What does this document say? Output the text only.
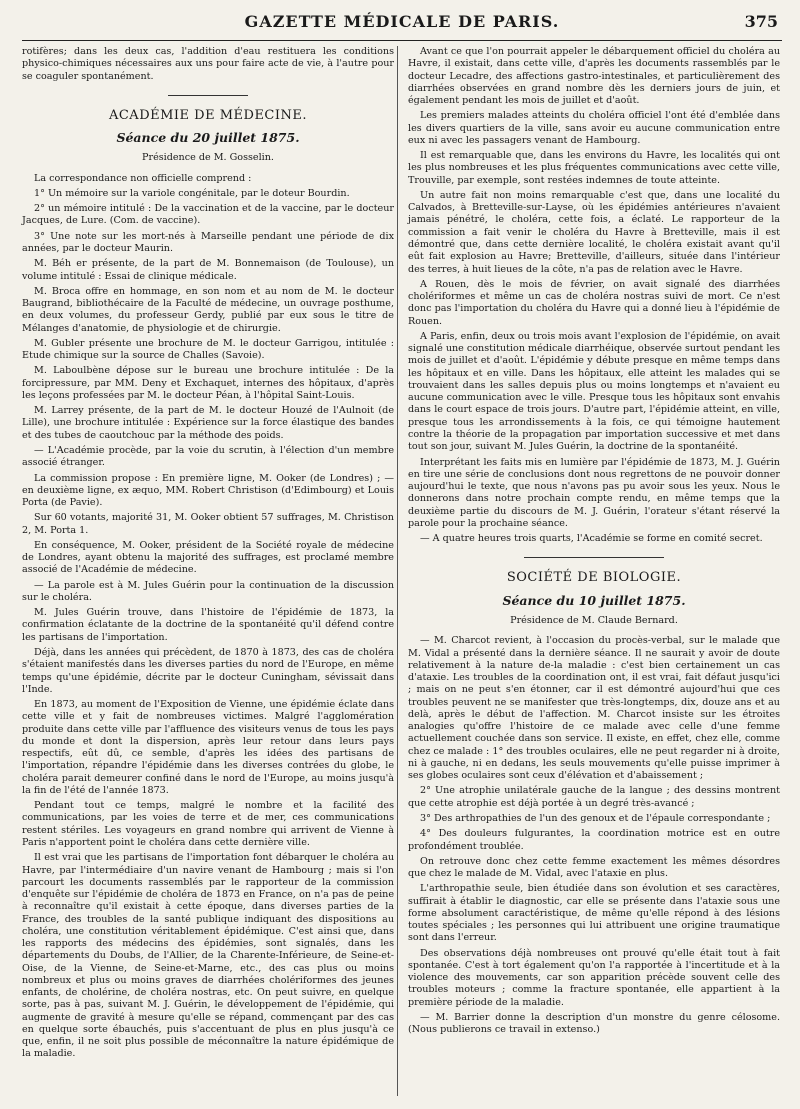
GAZETTE MÉDICALE DE PARIS.	375

rotifères; dans les deux cas, l'addition d'eau restituera les conditions physico-chimiques nécessaires aux uns pour faire acte de vie, à l'autre pour se coaguler spontanément.

ACADÉMIE DE MÉDECINE.
Séance du 20 juillet 1875.
Présidence de M. Gosselin.

La correspondance non officielle comprend :

1° Un mémoire sur la variole congénitale, par le doteur Bourdin.

2° un mémoire intitulé : De la vaccination et de la vaccine, par le docteur Jacques, de Lure. (Com. de vaccine).

3° Une note sur les mort-nés à Marseille pendant une période de dix années, par le docteur Maurin.

M. Béh er présente, de la part de M. Bonnemaison (de Toulouse), un volume intitulé : Essai de clinique médicale.

M. Broca offre en hommage, en son nom et au nom de M. le docteur Baugrand, bibliothécaire de la Faculté de médecine, un ouvrage posthume, en deux volumes, du professeur Gerdy, publié par eux sous le titre de Mélanges d'anatomie, de physiologie et de chirurgie.

M. Gubler présente une brochure de M. le docteur Garrigou, intitulée : Etude chimique sur la source de Challes (Savoie).

M. Laboulbène dépose sur le bureau une brochure intitulée : De la forcipressure, par MM. Deny et Exchaquet, internes des hôpitaux, d'après les leçons professées par M. le docteur Péan, à l'hôpital Saint-Louis.

M. Larrey présente, de la part de M. le docteur Houzé de l'Aulnoit (de Lille), une brochure intitulée : Expérience sur la force élastique des bandes et des tubes de caoutchouc par la méthode des poids.

— L'Académie procède, par la voie du scrutin, à l'élection d'un membre associé étranger.

La commission propose : En première ligne, M. Ooker (de Londres) ; — en deuxième ligne, ex æquo, MM. Robert Christison (d'Edimbourg) et Louis Porta (de Pavie).

Sur 60 votants, majorité 31, M. Ooker obtient 57 suffrages, M. Christison 2, M. Porta 1.

En conséquence, M. Ooker, président de la Société royale de médecine de Londres, ayant obtenu la majorité des suffrages, est proclamé membre associé de l'Académie de médecine.

— La parole est à M. Jules Guérin pour la continuation de la discussion sur le choléra.

M. Jules Guérin trouve, dans l'histoire de l'épidémie de 1873, la confirmation éclatante de la doctrine de la spontanéité qu'il défend contre les partisans de l'importation.

Déjà, dans les années qui précèdent, de 1870 à 1873, des cas de choléra s'étaient manifestés dans les diverses parties du nord de l'Europe, en même temps qu'une épidémie, décrite par le docteur Cuningham, sévissait dans l'Inde.

En 1873, au moment de l'Exposition de Vienne, une épidémie éclate dans cette ville et y fait de nombreuses victimes. Malgré l'agglomération produite dans cette ville par l'affluence des visiteurs venus de tous les pays du monde et dont la dispersion, après leur retour dans leurs pays respectifs, eût dû, ce semble, d'après les idées des partisans de l'importation, répandre l'épidémie dans les diverses contrées du globe, le choléra parait demeurer confiné dans le nord de l'Europe, au moins jusqu'à la fin de l'été de l'année 1873.

Pendant tout ce temps, malgré le nombre et la facilité des communications, par les voies de terre et de mer, ces communications restent stériles. Les voyageurs en grand nombre qui arrivent de Vienne à Paris n'apportent point le choléra dans cette dernière ville.

Il est vrai que les partisans de l'importation font débarquer le choléra au Havre, par l'intermédiaire d'un navire venant de Hambourg ; mais si l'on parcourt les documents rassemblés par le rapporteur de la commission d'enquête sur l'épidémie de choléra de 1873 en France, on n'a pas de peine à reconnaître qu'il existait à cette époque, dans diverses parties de la France, des troubles de la santé publique indiquant des dispositions au choléra, une constitution véritablement épidémique. C'est ainsi que, dans les rapports des médecins des épidémies, sont signalés, dans les départements du Doubs, de l'Allier, de la Charente-Inférieure, de Seine-et-Oise, de la Vienne, de Seine-et-Marne, etc., des cas plus ou moins nombreux et plus ou moins graves de diarrhées cholériformes des jeunes enfants, de cholérine, de choléra nostras, etc. On peut suivre, en quelque sorte, pas à pas, suivant M. J. Guérin, le développement de l'épidémie, qui augmente de gravité à mesure qu'elle se répand, commençant par des cas en quelque sorte ébauchés, puis s'accentuant de plus en plus jusqu'à ce que, enfin, il ne soit plus possible de méconnaître la nature épidémique de la maladie.

Avant ce que l'on pourrait appeler le débarquement officiel du choléra au Havre, il existait, dans cette ville, d'après les documents rassemblés par le docteur Lecadre, des affections gastro-intestinales, et particulièrement des diarrhées observées en grand nombre dès les derniers jours de juin, et également pendant les mois de juillet et d'août.

Les premiers malades atteints du choléra officiel l'ont été d'emblée dans les divers quartiers de la ville, sans avoir eu aucune communication entre eux ni avec les passagers venant de Hambourg.

Il est remarquable que, dans les environs du Havre, les localités qui ont les plus nombreuses et les plus fréquentes communications avec cette ville, Trouville, par exemple, sont restées indemnes de toute atteinte.

Un autre fait non moins remarquable c'est que, dans une localité du Calvados, à Bretteville-sur-Layse, où les épidémies antérieures n'avaient jamais pénétré, le choléra, cette fois, a éclaté. Le rapporteur de la commission a fait venir le choléra du Havre à Bretteville, mais il est démontré que, dans cette dernière localité, le choléra existait avant qu'il eût fait explosion au Havre; Bretteville, d'ailleurs, située dans l'intérieur des terres, à huit lieues de la côte, n'a pas de relation avec le Havre.

A Rouen, dès le mois de février, on avait signalé des diarrhées cholériformes et même un cas de choléra nostras suivi de mort. Ce n'est donc pas l'importation du choléra du Havre qui a donné lieu à l'épidémie de Rouen.

A Paris, enfin, deux ou trois mois avant l'explosion de l'épidémie, on avait signalé une constitution médicale diarrhéique, observée surtout pendant les mois de juillet et d'août. L'épidémie y débute presque en même temps dans les hôpitaux et en ville. Dans les hôpitaux, elle atteint les malades qui se trouvaient dans les salles depuis plus ou moins longtemps et n'avaient eu aucune communication avec le ville. Presque tous les hôpitaux sont envahis dans le court espace de trois jours. D'autre part, l'épidémie atteint, en ville, presque tous les arrondissements à la fois, ce qui témoigne hautement contre la théorie de la propagation par importation successive et met dans tout son jour, suivant M. Jules Guérin, la doctrine de la spontanéité.

Interprétant les faits mis en lumière par l'épidémie de 1873, M. J. Guérin en tire une série de conclusions dont nous regrettons de ne pouvoir donner aujourd'hui le texte, que nous n'avons pas pu avoir sous les yeux. Nous le donnerons dans notre prochain compte rendu, en même temps que la deuxième partie du discours de M. J. Guérin, l'orateur s'étant réservé la parole pour la prochaine séance.

— A quatre heures trois quarts, l'Académie se forme en comité secret.

SOCIÉTÉ DE BIOLOGIE.
Séance du 10 juillet 1875.
Présidence de M. Claude Bernard.

— M. Charcot revient, à l'occasion du procès-verbal, sur le malade que M. Vidal a présenté dans la dernière séance. Il ne saurait y avoir de doute relativement à la nature de-la maladie : c'est bien certainement un cas d'ataxie. Les troubles de la coordination ont, il est vrai, fait défaut jusqu'ici ; mais on ne peut s'en étonner, car il est démontré aujourd'hui que ces troubles peuvent ne se manifester que très-longtemps, dix, douze ans et au delà, après le début de l'affection. M. Charcot insiste sur les étroites analogies qu'offre l'histoire de ce malade avec celle d'une femme actuellement couchée dans son service. Il existe, en effet, chez elle, comme chez ce malade : 1° des troubles oculaires, elle ne peut regarder ni à droite, ni à gauche, ni en dedans, les seuls mouvements qu'elle puisse imprimer à ses globes oculaires sont ceux d'élévation et d'abaissement ;

2° Une atrophie unilatérale gauche de la langue ; des dessins montrent que cette atrophie est déjà portée à un degré très-avancé ;

3° Des arthropathies de l'un des genoux et de l'épaule correspondante ;

4° Des douleurs fulgurantes, la coordination motrice est en outre profondément troublée.

On retrouve donc chez cette femme exactement les mêmes désordres que chez le malade de M. Vidal, avec l'ataxie en plus.

L'arthropathie seule, bien étudiée dans son évolution et ses caractères, suffirait à établir le diagnostic, car elle se présente dans l'ataxie sous une forme absolument caractéristique, de même qu'elle répond à des lésions toutes spéciales ; les personnes qui lui attribuent une origine traumatique sont dans l'erreur.

Des observations déjà nombreuses ont prouvé qu'elle était tout à fait spontanée. C'est à tort également qu'on l'a rapportée à l'incertitude et à la violence des mouvements, car son apparition précède souvent celle des troubles moteurs ; comme la fracture spontanée, elle appartient à la première période de la maladie.

— M. Barrier donne la description d'un monstre du genre célosome. (Nous publierons ce travail in extenso.)
